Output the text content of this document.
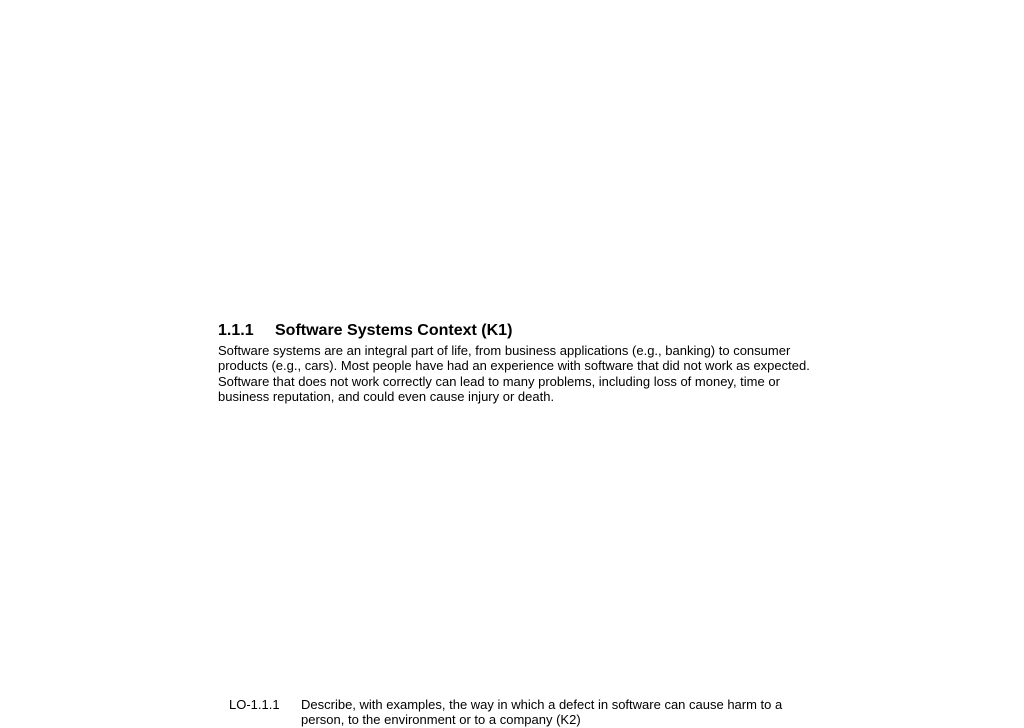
1.1.1 Software Systems Context (K1)

Software systems are an integral part of life, from business applications (e.g., banking) to consumer products (e.g., cars). Most people have had an experience with software that did not work as expected. Software that does not work correctly can lead to many problems, including loss of money, time or business reputation, and could even cause injury or death.

LO-1.1.1 Describe, with examples, the way in which a defect in software can cause harm to a person, to the environment or to a company (K2)
